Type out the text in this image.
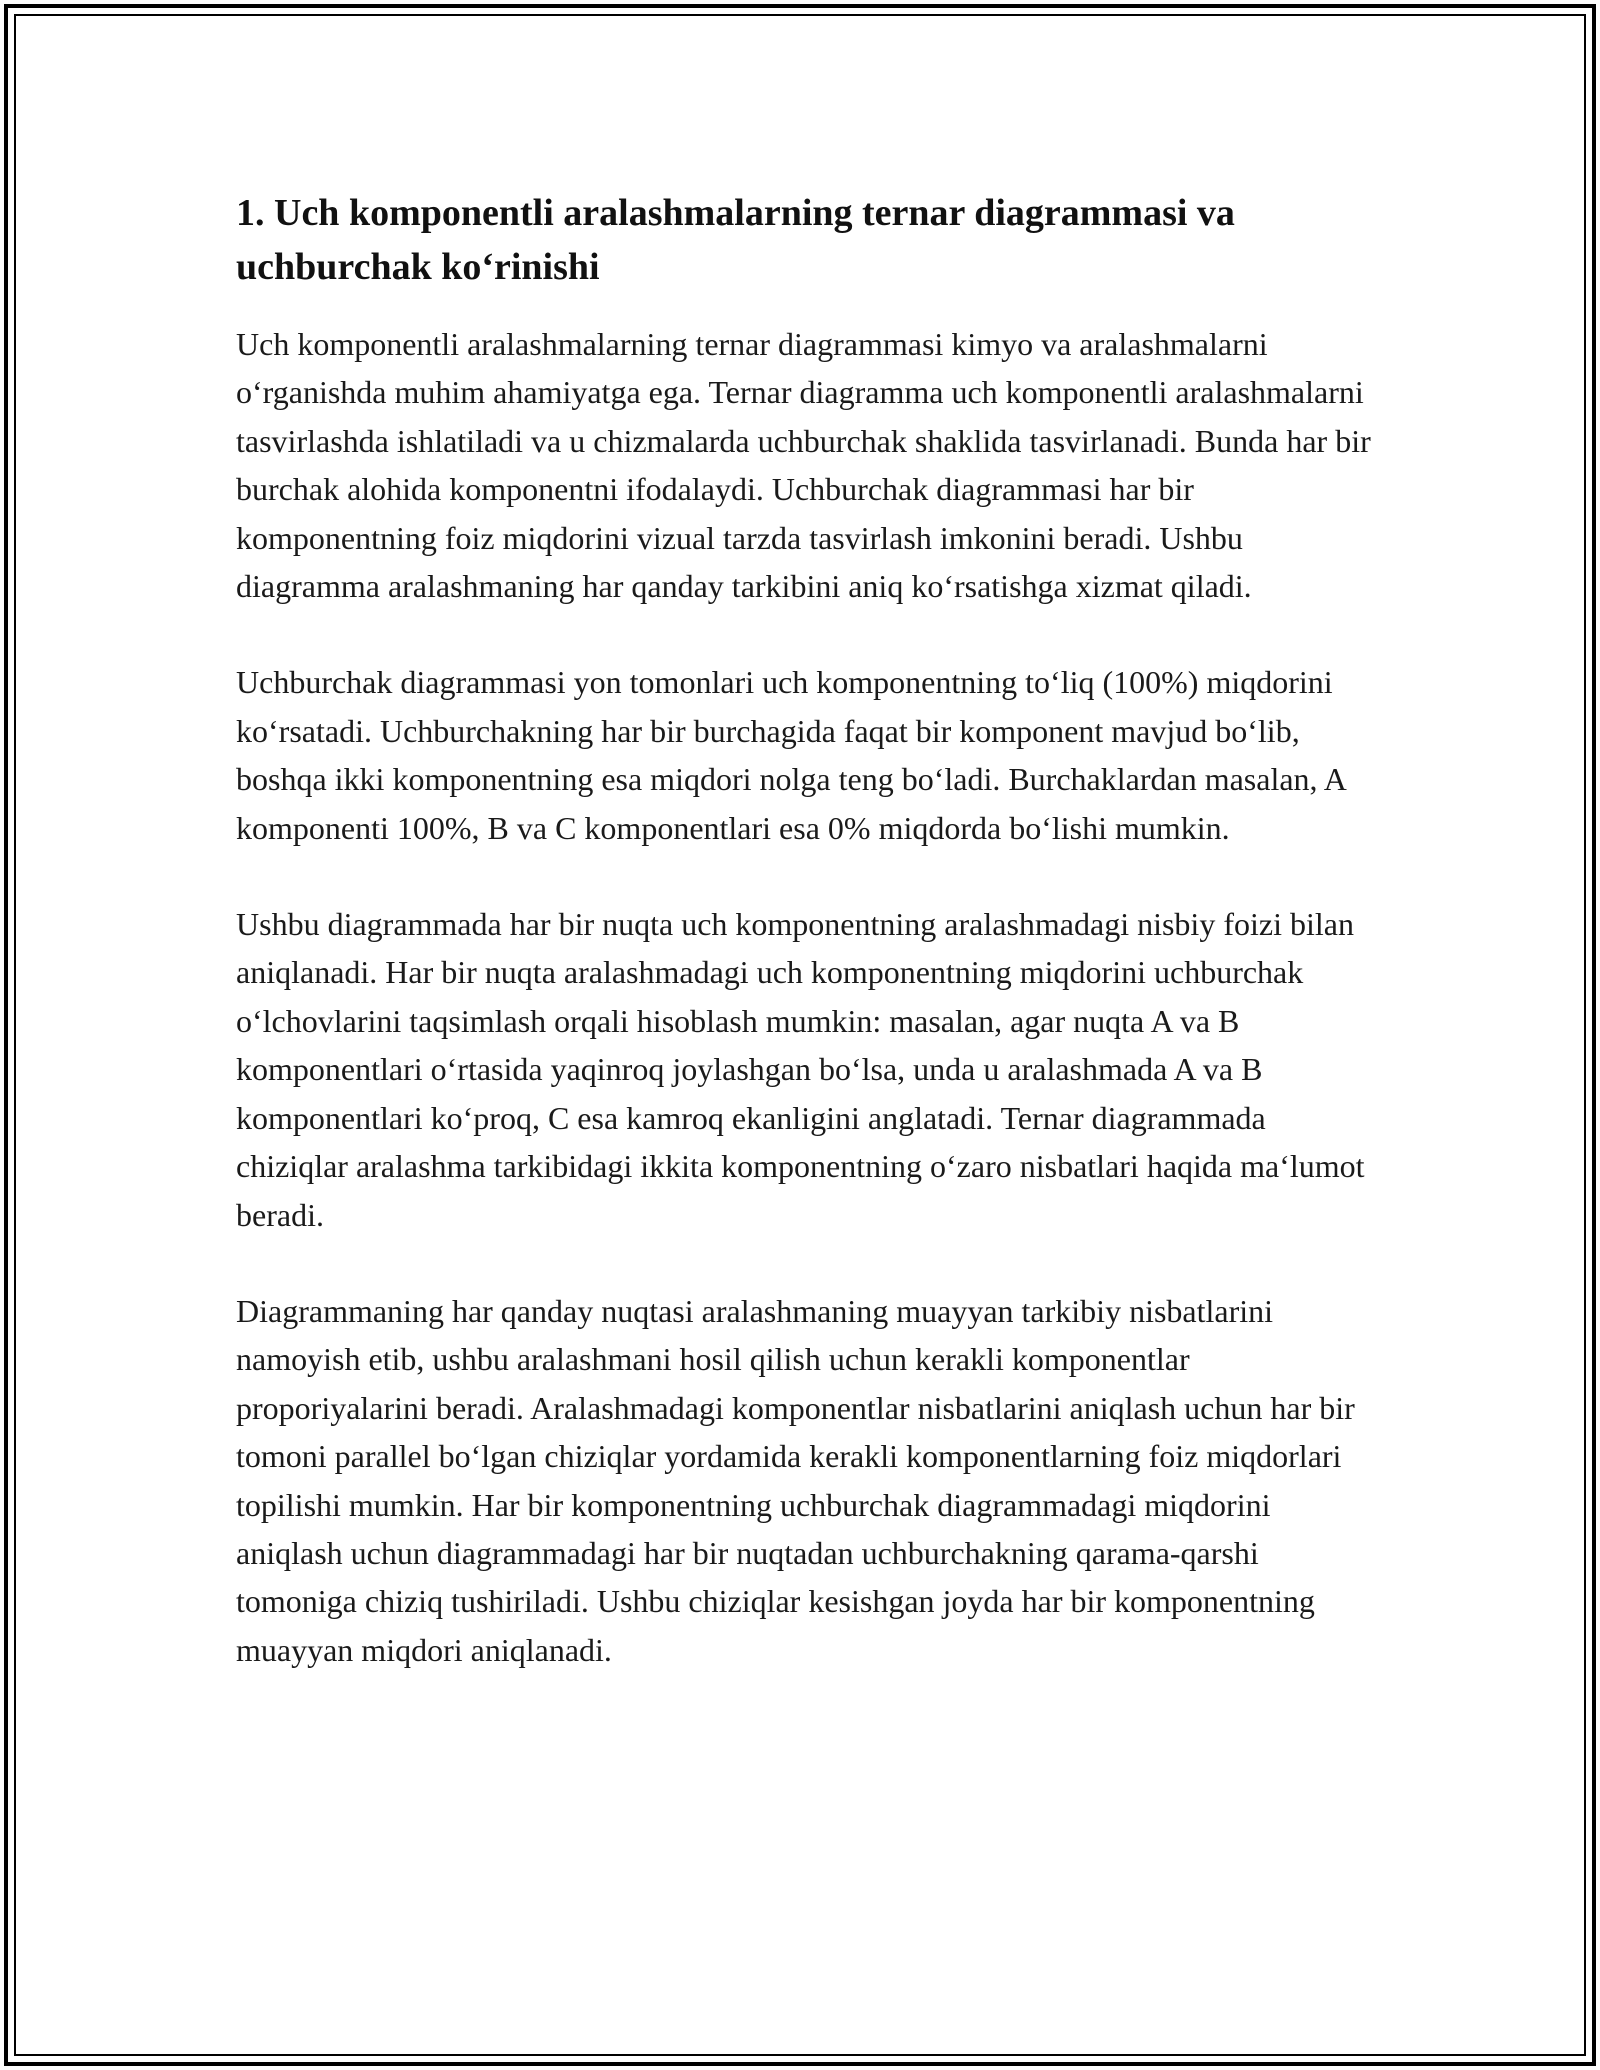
1. Uch komponentli aralashmalarning ternar diagrammasi va uchburchak koʻrinishi

Uch komponentli aralashmalarning ternar diagrammasi kimyo va aralashmalarni oʻrganishda muhim ahamiyatga ega. Ternar diagramma uch komponentli aralashmalarni tasvirlashda ishlatiladi va u chizmalarda uchburchak shaklida tasvirlanadi. Bunda har bir burchak alohida komponentni ifodalaydi. Uchburchak diagrammasi har bir komponentning foiz miqdorini vizual tarzda tasvirlash imkonini beradi. Ushbu diagramma aralashmaning har qanday tarkibini aniq koʻrsatishga xizmat qiladi.

Uchburchak diagrammasi yon tomonlari uch komponentning toʻliq (100%) miqdorini koʻrsatadi. Uchburchakning har bir burchagida faqat bir komponent mavjud boʻlib, boshqa ikki komponentning esa miqdori nolga teng boʻladi. Burchaklardan masalan, A komponenti 100%, B va C komponentlari esa 0% miqdorda boʻlishi mumkin.

Ushbu diagrammada har bir nuqta uch komponentning aralashmadagi nisbiy foizi bilan aniqlanadi. Har bir nuqta aralashmadagi uch komponentning miqdorini uchburchak oʻlchovlarini taqsimlash orqali hisoblash mumkin: masalan, agar nuqta A va B komponentlari oʻrtasida yaqinroq joylashgan boʻlsa, unda u aralashmada A va B komponentlari koʻproq, C esa kamroq ekanligini anglatadi. Ternar diagrammada chiziqlar aralashma tarkibidagi ikkita komponentning oʻzaro nisbatlari haqida maʻlumot beradi.

Diagrammaning har qanday nuqtasi aralashmaning muayyan tarkibiy nisbatlarini namoyish etib, ushbu aralashmani hosil qilish uchun kerakli komponentlar proporiyalarini beradi. Aralashmadagi komponentlar nisbatlarini aniqlash uchun har bir tomoni parallel boʻlgan chiziqlar yordamida kerakli komponentlarning foiz miqdorlari topilishi mumkin. Har bir komponentning uchburchak diagrammadagi miqdorini aniqlash uchun diagrammadagi har bir nuqtadan uchburchakning qarama-qarshi tomoniga chiziq tushiriladi. Ushbu chiziqlar kesishgan joyda har bir komponentning muayyan miqdori aniqlanadi.
